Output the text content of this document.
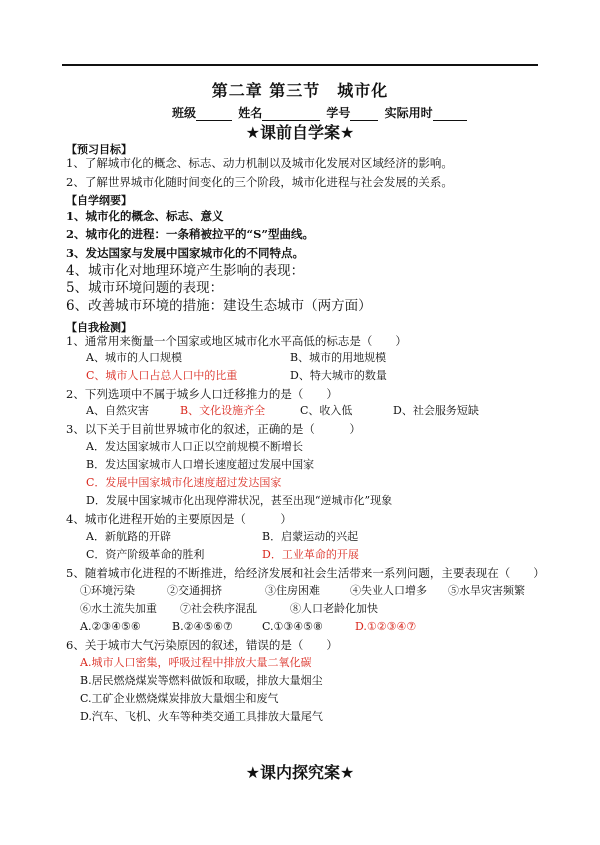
第二章 第三节　城市化
班级	姓名	学号	实际用时
★课前自学案★
【预习目标】
1、了解城市化的概念、标志、动力机制以及城市化发展对区域经济的影响。
2、了解世界城市化随时间变化的三个阶段，城市化进程与社会发展的关系。
【自学纲要】
1、城市化的概念、标志、意义
2、城市化的进程：一条稍被拉平的“S”型曲线。
3、发达国家与发展中国家城市化的不同特点。
4、城市化对地理环境产生影响的表现：
5、城市环境问题的表现：
6、改善城市环境的措施：建设生态城市（两方面）
【自我检测】
1、通常用来衡量一个国家或地区城市化水平高低的标志是（　　）
A、城市的人口规模	B、城市的用地规模
C、城市人口占总人口中的比重	D、特大城市的数量
2、下列选项中不属于城乡人口迁移推力的是（　　）
A、自然灾害	B、文化设施齐全	C、收入低	D、社会服务短缺
3、以下关于目前世界城市化的叙述，正确的是（　　　）
A．发达国家城市人口正以空前规模不断增长
B．发达国家城市人口增长速度超过发展中国家
C．发展中国家城市化速度超过发达国家
D．发展中国家城市化出现停滞状况，甚至出现“逆城市化”现象
4、城市化进程开始的主要原因是（　　　）
A．新航路的开辟	B．启蒙运动的兴起
C．资产阶级革命的胜利	D．工业革命的开展
5、随着城市化进程的不断推进，给经济发展和社会生活带来一系列问题，主要表现在（　　）
①环境污染	②交通拥挤	③住房困难	④失业人口增多 ⑤水旱灾害频繁
⑥水土流失加重 ⑦社会秩序混乱	⑧人口老龄化加快
A.②③④⑤⑥	B.②④⑤⑥⑦	C.①③④⑤⑧	D.①②③④⑦
6、关于城市大气污染原因的叙述，错误的是（　　）
A.城市人口密集，呼吸过程中排放大量二氧化碳
B.居民燃烧煤炭等燃料做饭和取暖，排放大量烟尘
C.工矿企业燃烧煤炭排放大量烟尘和废气
D.汽车、飞机、火车等种类交通工具排放大量尾气
★课内探究案★
